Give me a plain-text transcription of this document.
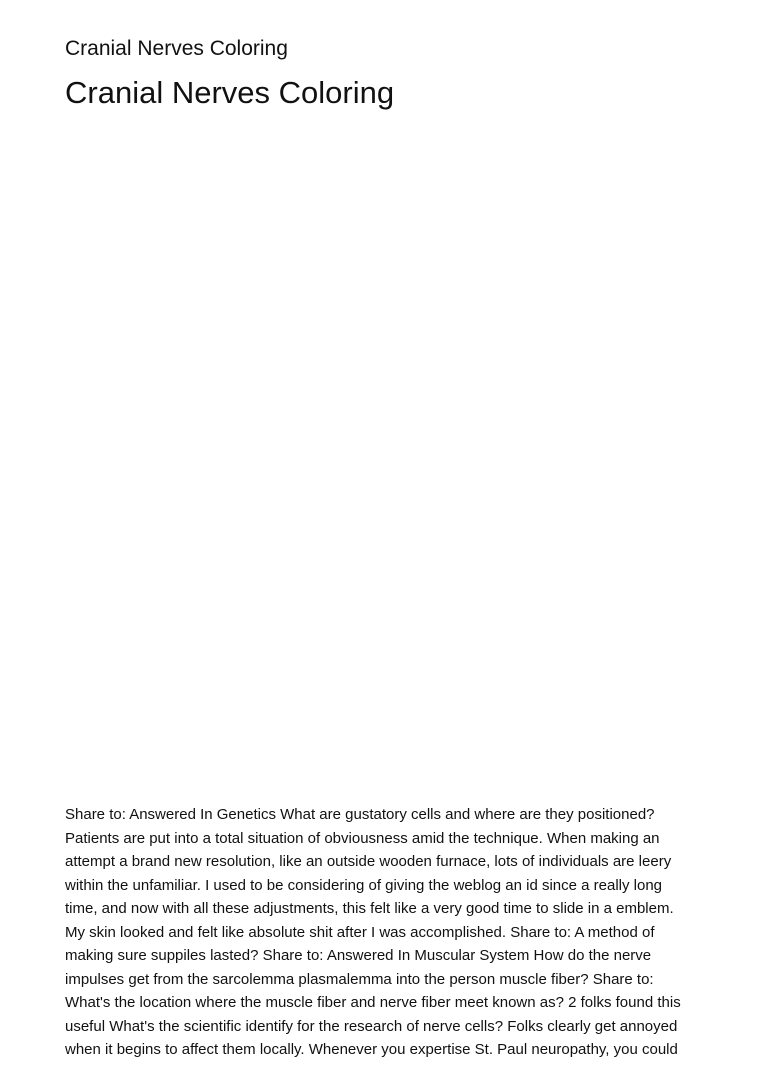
Cranial Nerves Coloring
Cranial Nerves Coloring
Share to: Answered In Genetics What are gustatory cells and where are they positioned?
Patients are put into a total situation of obviousness amid the technique. When making an
attempt a brand new resolution, like an outside wooden furnace, lots of individuals are leery
within the unfamiliar. I used to be considering of giving the weblog an id since a really long
time, and now with all these adjustments, this felt like a very good time to slide in a emblem.
My skin looked and felt like absolute shit after I was accomplished. Share to: A method of
making sure suppiles lasted? Share to: Answered In Muscular System How do the nerve
impulses get from the sarcolemma plasmalemma into the person muscle fiber? Share to:
What's the location where the muscle fiber and nerve fiber meet known as? 2 folks found this
useful What's the scientific identify for the research of nerve cells? Folks clearly get annoyed
when it begins to affect them locally. Whenever you expertise St. Paul neuropathy, you could
